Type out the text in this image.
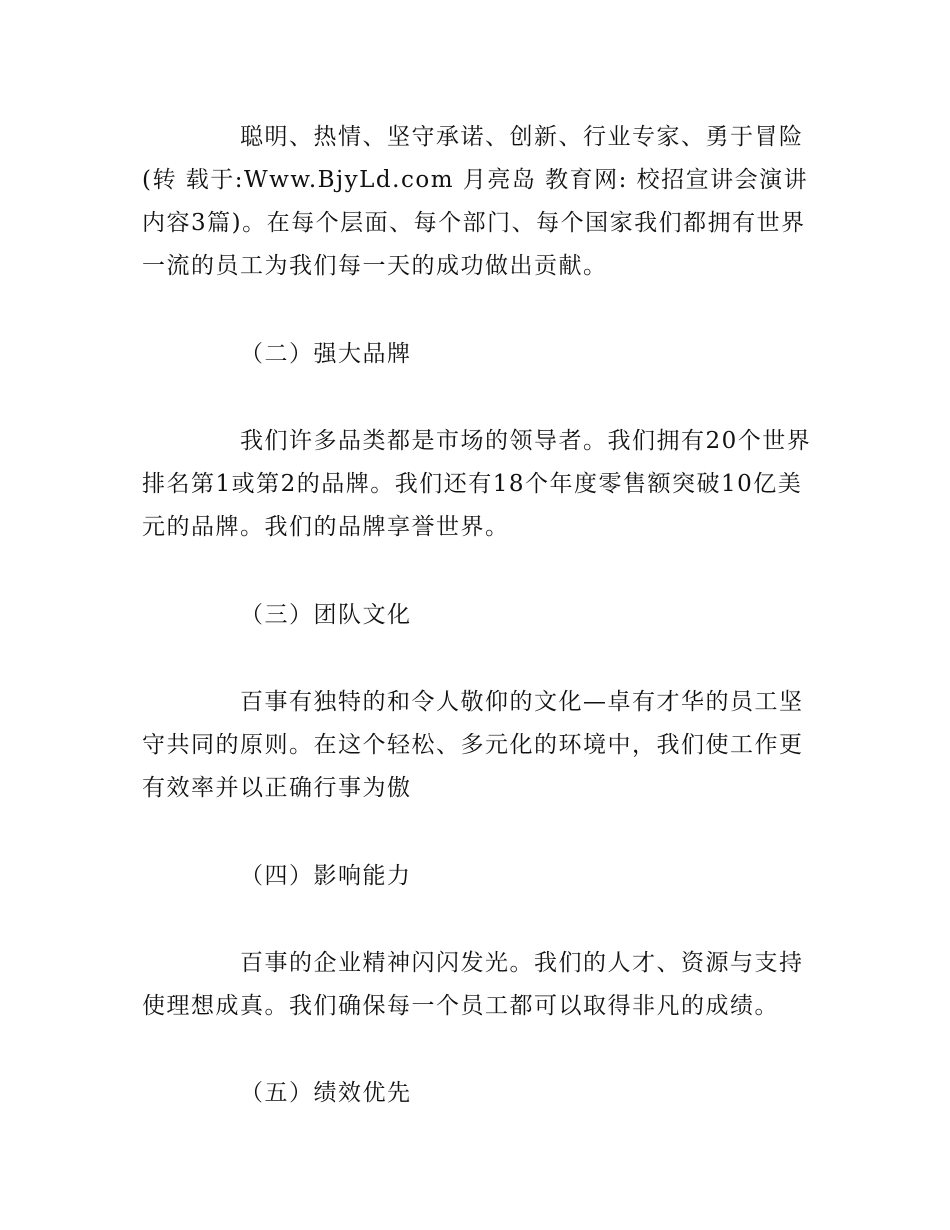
聪明、热情、坚守承诺、创新、行业专家、勇于冒险(转 载于:Www.BjyLd.com 月亮岛 教育网: 校招宣讲会演讲内容3篇)。在每个层面、每个部门、每个国家我们都拥有世界一流的员工为我们每一天的成功做出贡献。

（二）强大品牌

我们许多品类都是市场的领导者。我们拥有20个世界排名第1或第2的品牌。我们还有18个年度零售额突破10亿美元的品牌。我们的品牌享誉世界。

（三）团队文化

百事有独特的和令人敬仰的文化—卓有才华的员工坚守共同的原则。在这个轻松、多元化的环境中，我们使工作更有效率并以正确行事为傲

（四）影响能力

百事的企业精神闪闪发光。我们的人才、资源与支持使理想成真。我们确保每一个员工都可以取得非凡的成绩。

（五）绩效优先
